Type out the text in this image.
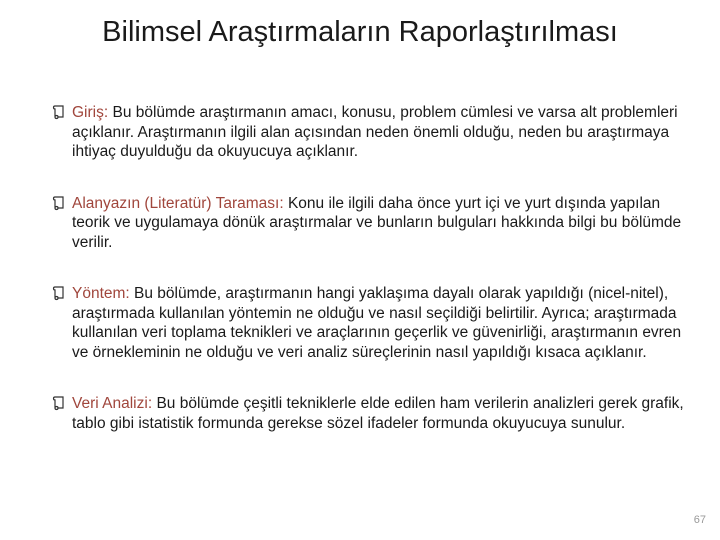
Bilimsel Araştırmaların Raporlaştırılması
Giriş: Bu bölümde araştırmanın amacı, konusu, problem cümlesi ve varsa alt problemleri açıklanır. Araştırmanın ilgili alan açısından neden önemli olduğu, neden bu araştırmaya ihtiyaç duyulduğu da okuyucuya açıklanır.
Alanyazın (Literatür) Taraması: Konu ile ilgili daha önce yurt içi ve yurt dışında yapılan teorik ve uygulamaya dönük araştırmalar ve bunların bulguları hakkında bilgi bu bölümde verilir.
Yöntem: Bu bölümde, araştırmanın hangi yaklaşıma dayalı olarak yapıldığı (nicel-nitel), araştırmada kullanılan yöntemin ne olduğu ve nasıl seçildiği belirtilir. Ayrıca; araştırmada kullanılan veri toplama teknikleri ve araçlarının geçerlik ve güvenirliği, araştırmanın evren ve örnekleminin ne olduğu ve veri analiz süreçlerinin nasıl yapıldığı kısaca açıklanır.
Veri Analizi: Bu bölümde çeşitli tekniklerle elde edilen ham verilerin analizleri gerek grafik, tablo gibi istatistik formunda gerekse sözel ifadeler formunda okuyucuya sunulur.
67
